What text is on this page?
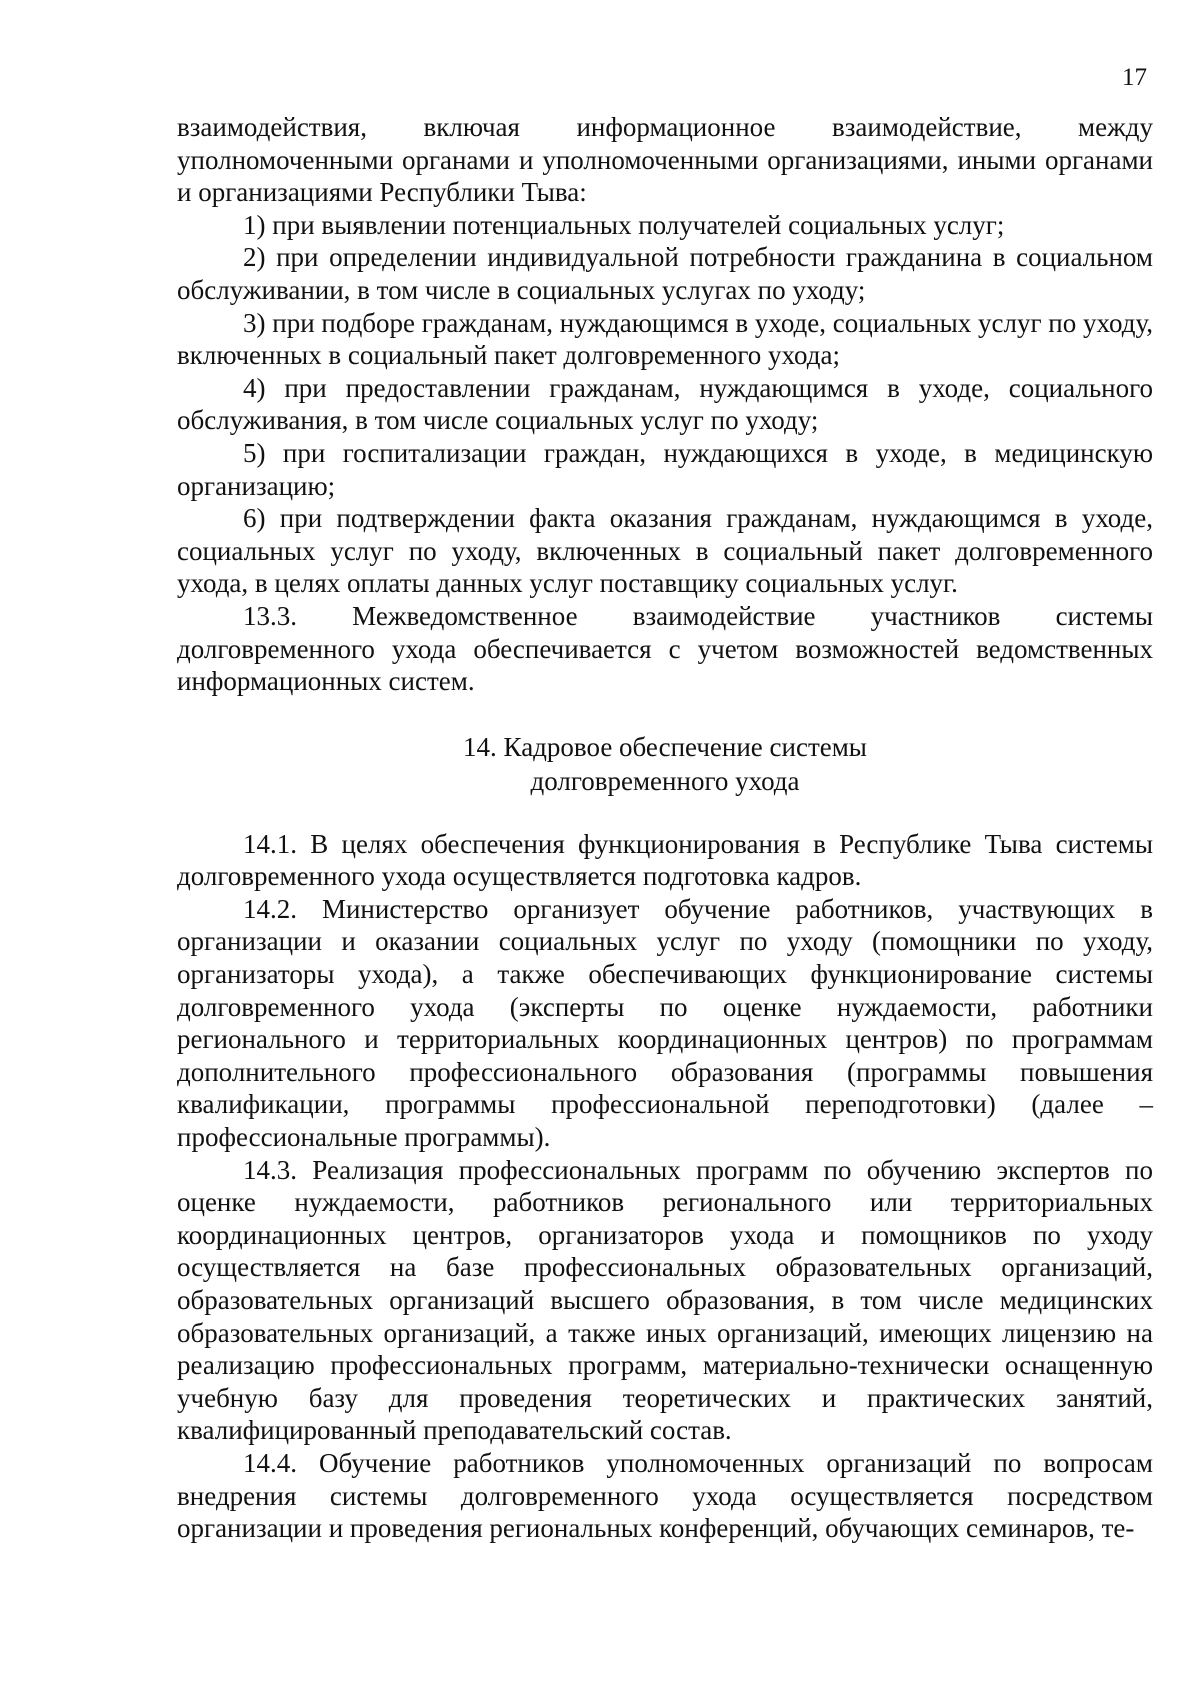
17

взаимодействия, включая информационное взаимодействие, между уполномоченными органами и уполномоченными организациями, иными органами и организациями Республики Тыва:

1) при выявлении потенциальных получателей социальных услуг;

2) при определении индивидуальной потребности гражданина в социальном обслуживании, в том числе в социальных услугах по уходу;

3) при подборе гражданам, нуждающимся в уходе, социальных услуг по уходу, включенных в социальный пакет долговременного ухода;

4) при предоставлении гражданам, нуждающимся в уходе, социального обслуживания, в том числе социальных услуг по уходу;

5) при госпитализации граждан, нуждающихся в уходе, в медицинскую организацию;

6) при подтверждении факта оказания гражданам, нуждающимся в уходе, социальных услуг по уходу, включенных в социальный пакет долговременного ухода, в целях оплаты данных услуг поставщику социальных услуг.

13.3. Межведомственное взаимодействие участников системы долговременного ухода обеспечивается с учетом возможностей ведомственных информационных систем.

14. Кадровое обеспечение системы
долговременного ухода

14.1. В целях обеспечения функционирования в Республике Тыва системы долговременного ухода осуществляется подготовка кадров.

14.2. Министерство организует обучение работников, участвующих в организации и оказании социальных услуг по уходу (помощники по уходу, организаторы ухода), а также обеспечивающих функционирование системы долговременного ухода (эксперты по оценке нуждаемости, работники регионального и территориальных координационных центров) по программам дополнительного профессионального образования (программы повышения квалификации, программы профессиональной переподготовки) (далее – профессиональные программы).

14.3. Реализация профессиональных программ по обучению экспертов по оценке нуждаемости, работников регионального или территориальных координационных центров, организаторов ухода и помощников по уходу осуществляется на базе профессиональных образовательных организаций, образовательных организаций высшего образования, в том числе медицинских образовательных организаций, а также иных организаций, имеющих лицензию на реализацию профессиональных программ, материально-технически оснащенную учебную базу для проведения теоретических и практических занятий, квалифицированный преподавательский состав.

14.4. Обучение работников уполномоченных организаций по вопросам внедрения системы долговременного ухода осуществляется посредством организации и проведения региональных конференций, обучающих семинаров, те-
